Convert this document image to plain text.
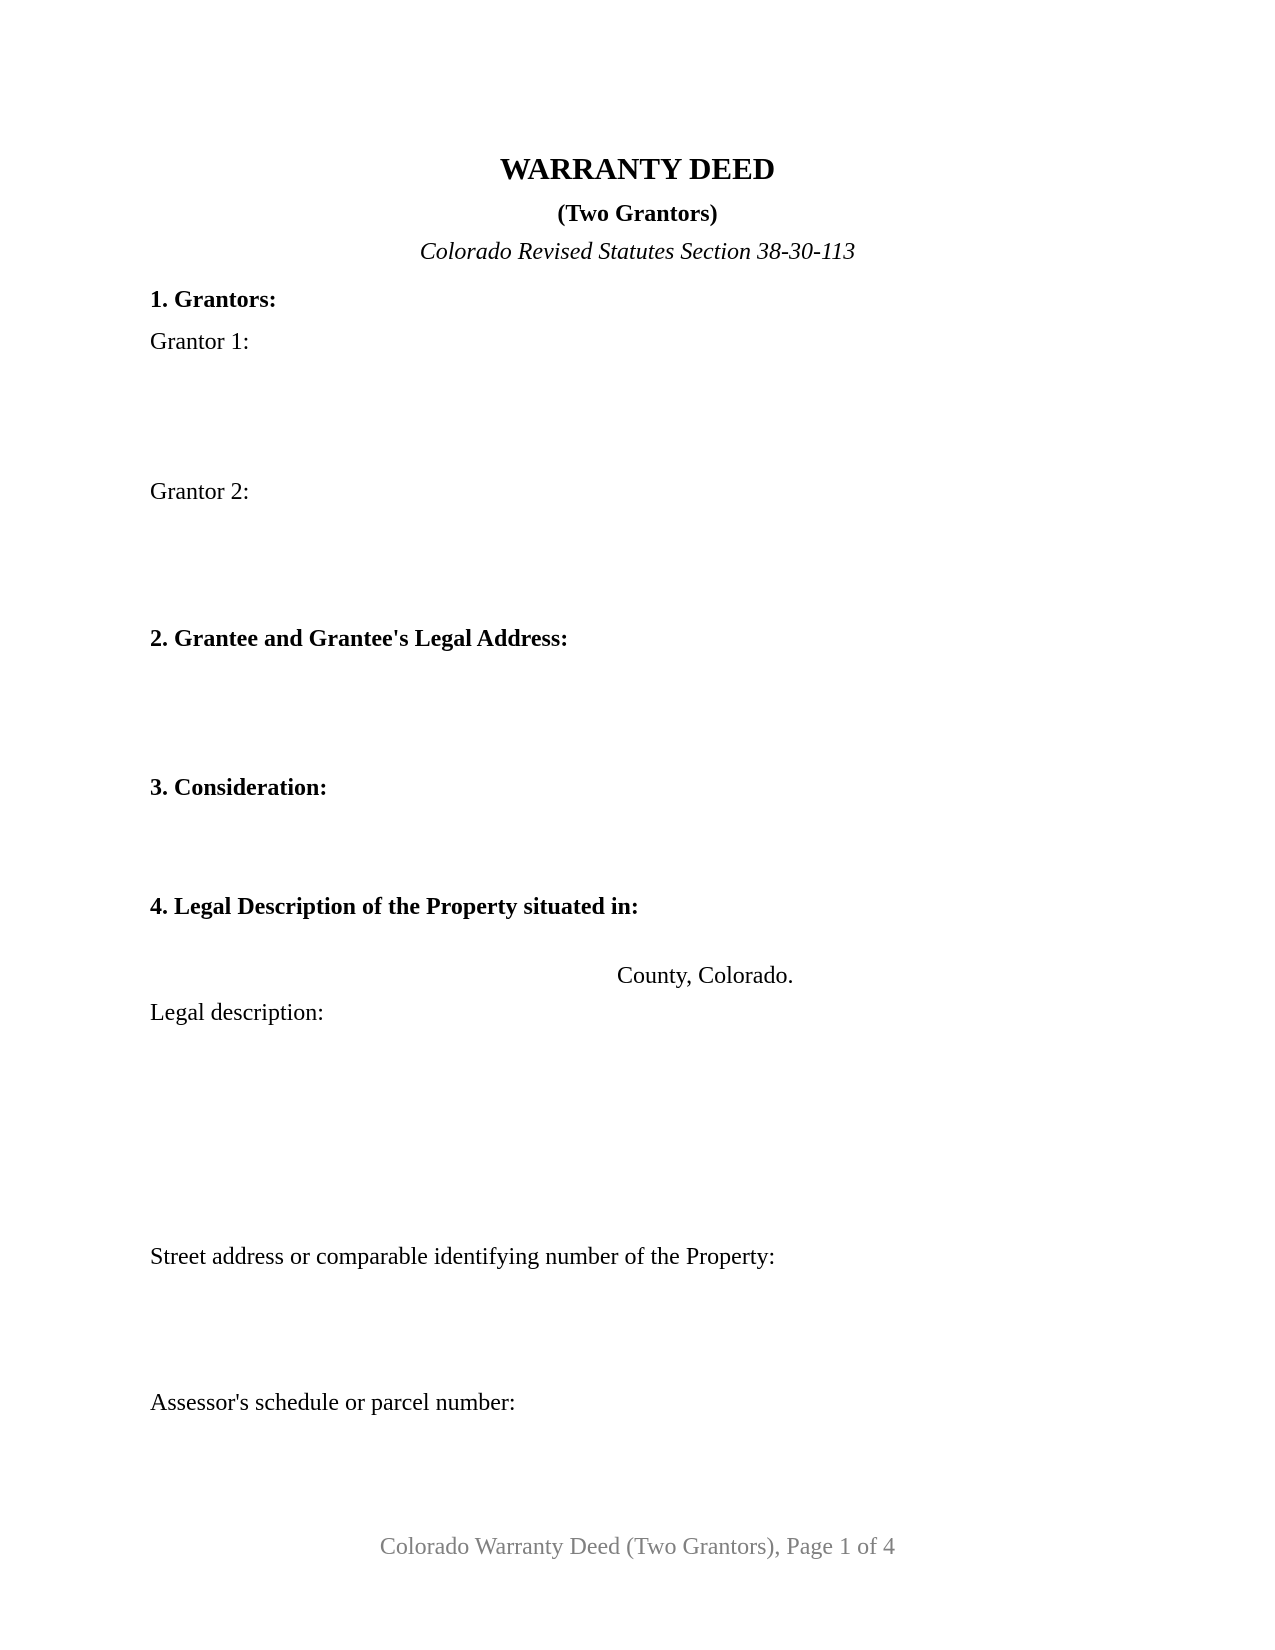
WARRANTY DEED
(Two Grantors)
Colorado Revised Statutes Section 38-30-113
1. Grantors:
Grantor 1:
Grantor 2:
2. Grantee and Grantee's Legal Address:
3. Consideration:
4. Legal Description of the Property situated in:
County, Colorado.
Legal description:
Street address or comparable identifying number of the Property:
Assessor's schedule or parcel number:
Colorado Warranty Deed (Two Grantors), Page 1 of 4
